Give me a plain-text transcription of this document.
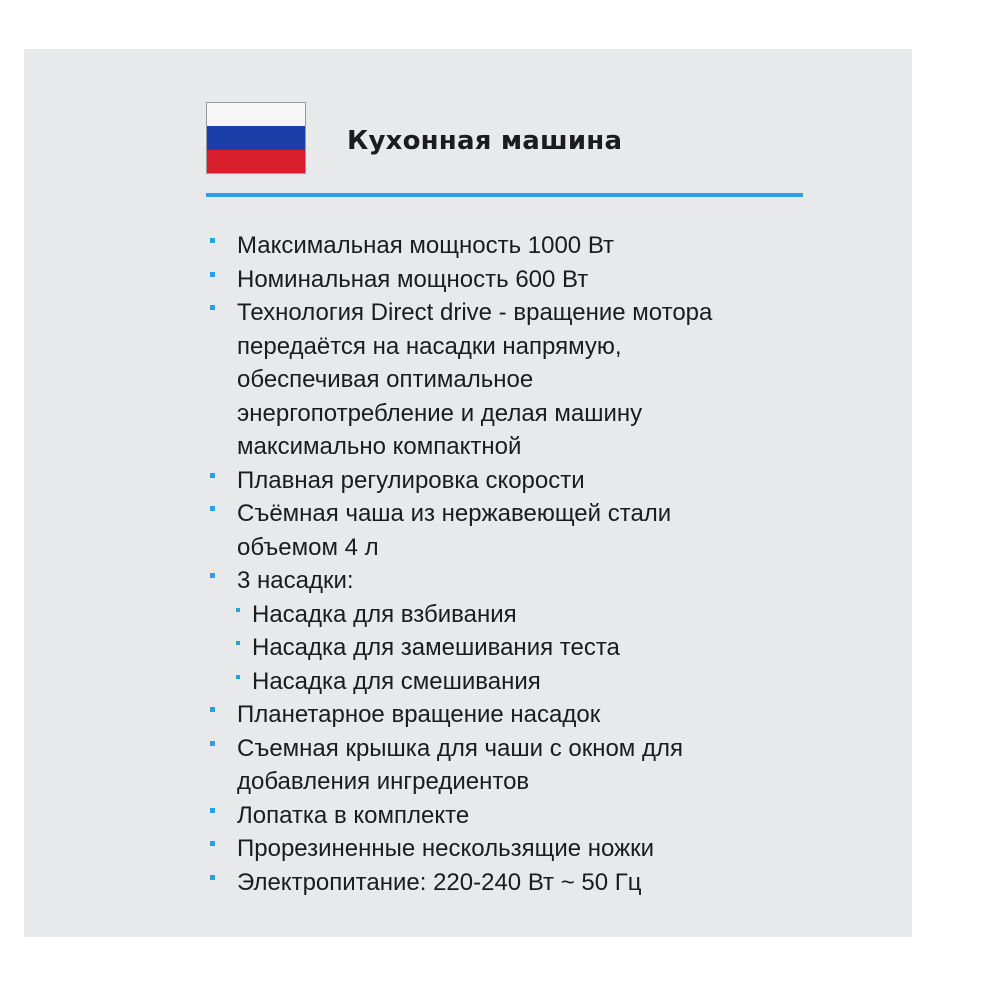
Кухонная машина
Максимальная мощность 1000 Вт
Номинальная мощность 600 Вт
Технология Direct drive - вращение мотора
передаётся на насадки напрямую,
обеспечивая оптимальное
энергопотребление и делая машину
максимально компактной
Плавная регулировка скорости
Съёмная чаша из нержавеющей стали
объемом 4 л
3 насадки:
Насадка для взбивания
Насадка для замешивания теста
Насадка для смешивания
Планетарное вращение насадок
Съемная крышка для чаши с окном для
добавления ингредиентов
Лопатка в комплекте
Прорезиненные нескользящие ножки
Электропитание: 220-240 Вт ~ 50 Гц
